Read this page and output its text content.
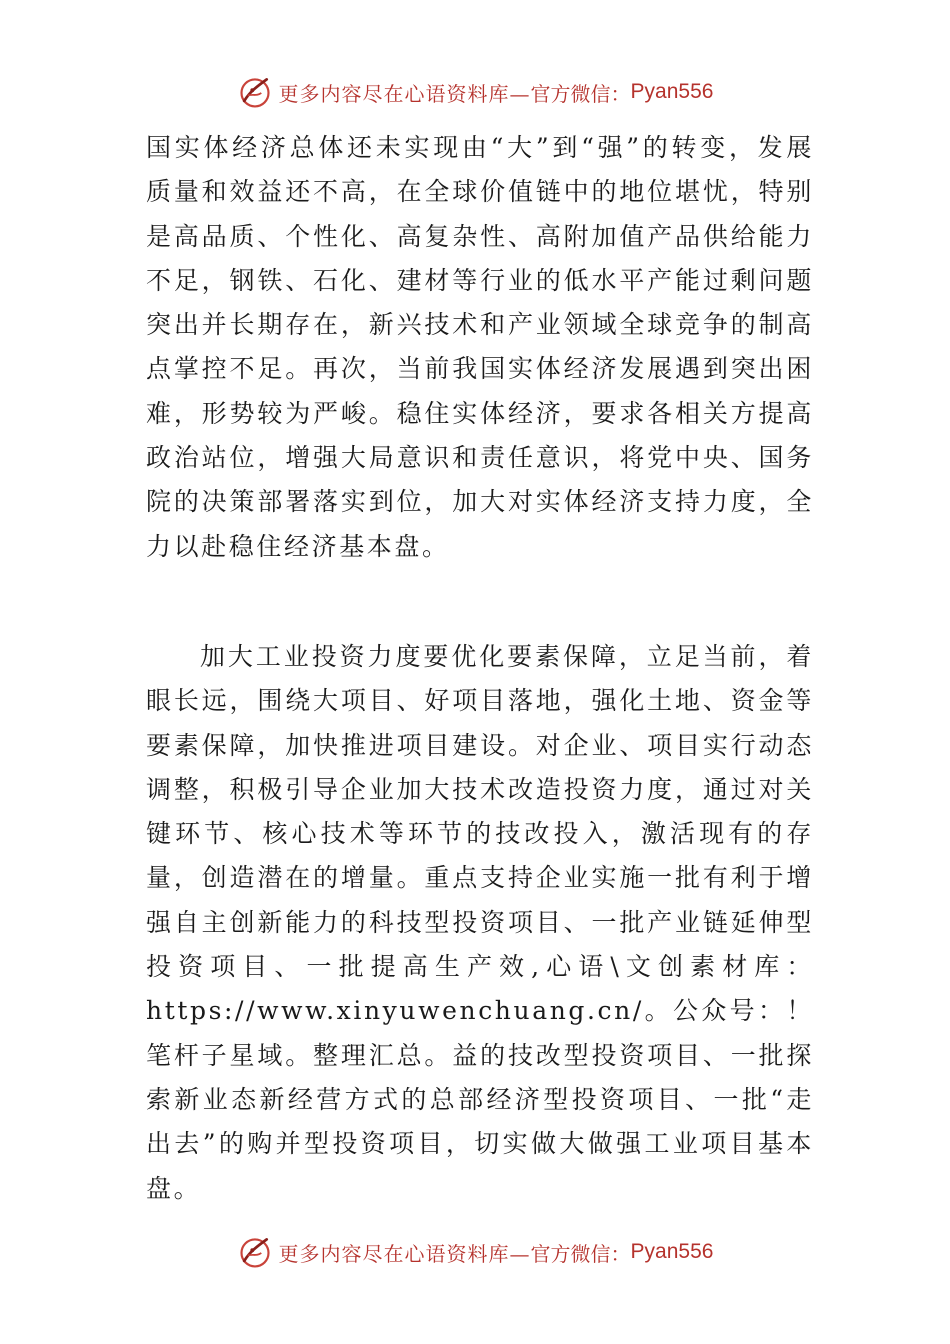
更多内容尽在心语资料库— 官方微信： Pyan556

国实体经济总体还未实现由“大”到“强”的转变，发展质量和效益还不高，在全球价值链中的地位堪忧，特别是高品质、个性化、高复杂性、高附加值产品供给能力不足，钢铁、石化、建材等行业的低水平产能过剩问题突出并长期存在，新兴技术和产业领域全球竞争的制高点掌控不足。再次，当前我国实体经济发展遇到突出困难，形势较为严峻。稳住实体经济，要求各相关方提高政治站位，增强大局意识和责任意识，将党中央、国务院的决策部署落实到位，加大对实体经济支持力度，全力以赴稳住经济基本盘。

加大工业投资力度要优化要素保障，立足当前，着眼长远，围绕大项目、好项目落地，强化土地、资金等要素保障，加快推进项目建设。对企业、项目实行动态调整，积极引导企业加大技术改造投资力度，通过对关键环节、核心技术等环节的技改投入，激活现有的存量，创造潜在的增量。重点支持企业实施一批有利于增强自主创新能力的科技型投资项目、一批产业链延伸型投资项目、一批提高生产效,心语\文创素材库：https://www.xinyuwenchuang.cn/。公众号：！笔杆子星域。整理汇总。益的技改型投资项目、一批探索新业态新经营方式的总部经济型投资项目、一批“走出去”的购并型投资项目，切实做大做强工业项目基本盘。

更多内容尽在心语资料库— 官方微信： Pyan556
